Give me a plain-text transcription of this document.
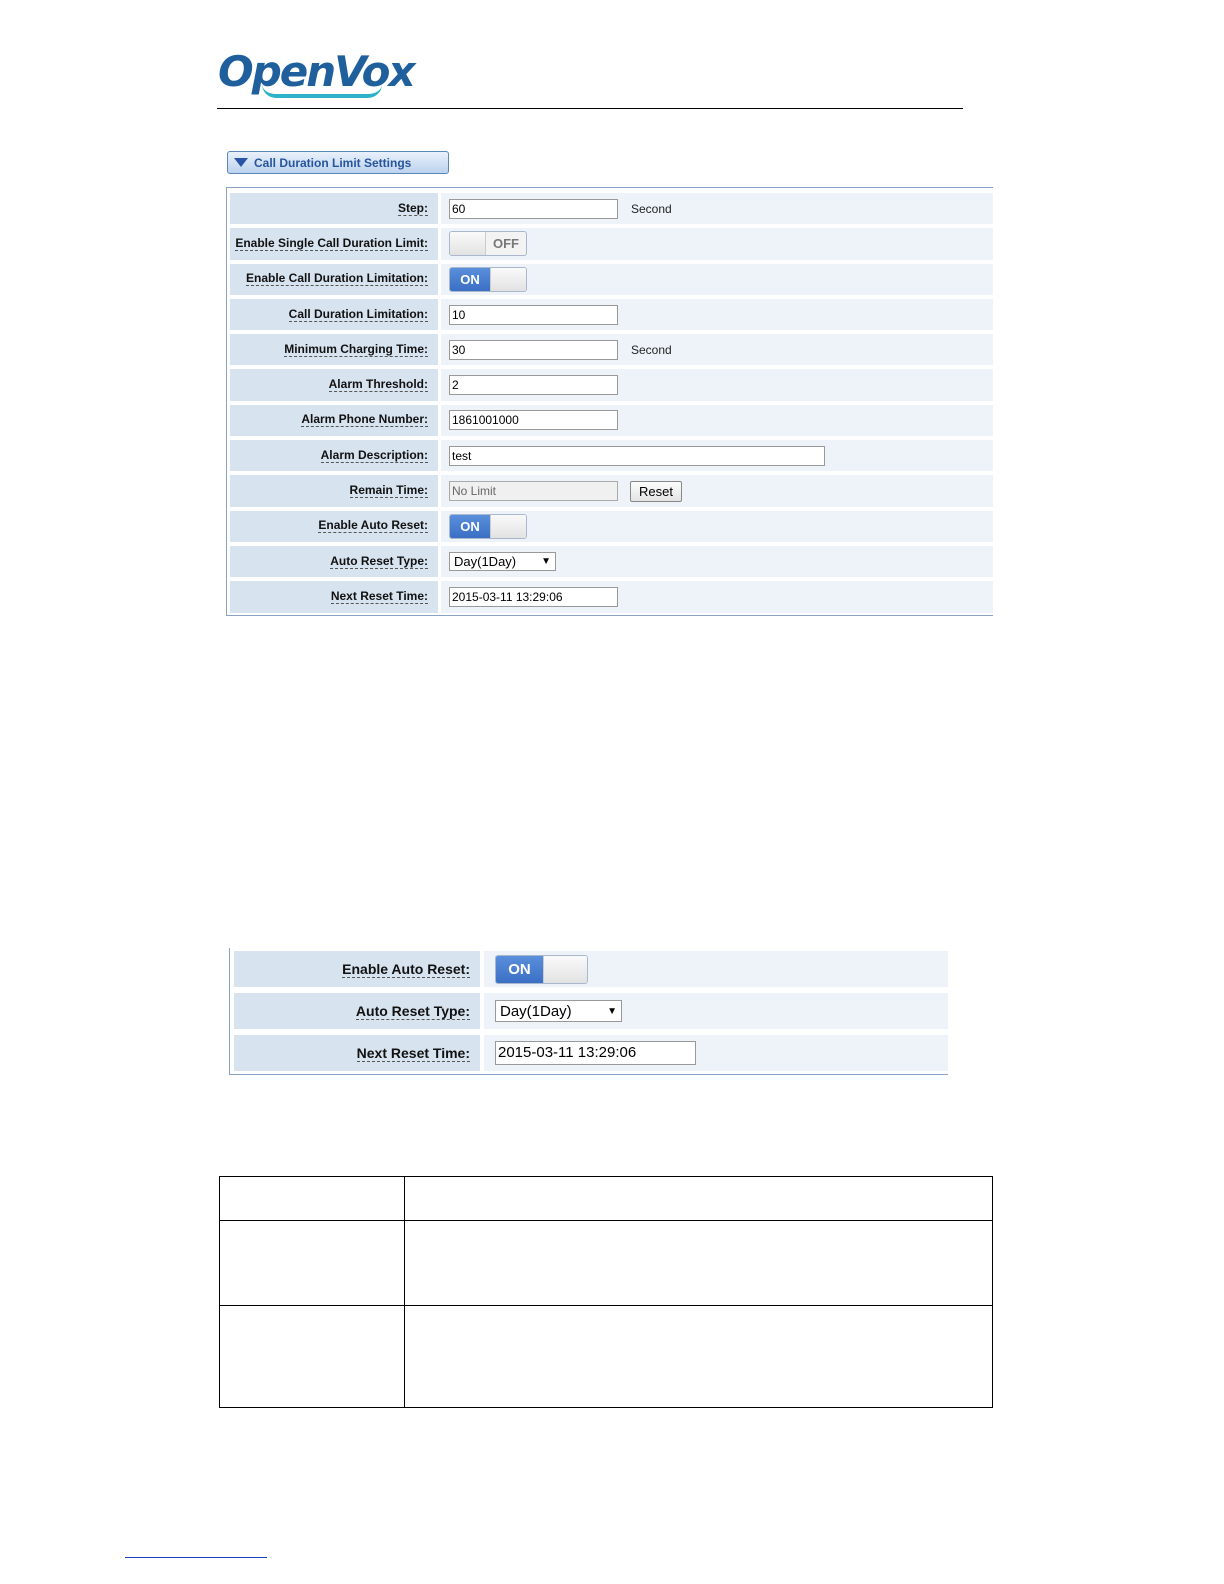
OpenVox
Call Duration Limit Settings
Step: 60	Second
Enable Single Call Duration Limit:	OFF
Enable Call Duration Limitation:	ON
Call Duration Limitation: 10
Minimum Charging Time: 30	Second
Alarm Threshold: 2
Alarm Phone Number: 1861001000
Alarm Description: test
Remain Time: No Limit	Reset
Enable Auto Reset:	ON
Auto Reset Type: Day(1Day) ▼
Next Reset Time: 2015-03-11 13:29:06
Enable Auto Reset:	ON
Auto Reset Type: Day(1Day)	▼
Next Reset Time: 2015-03-11 13:29:06
